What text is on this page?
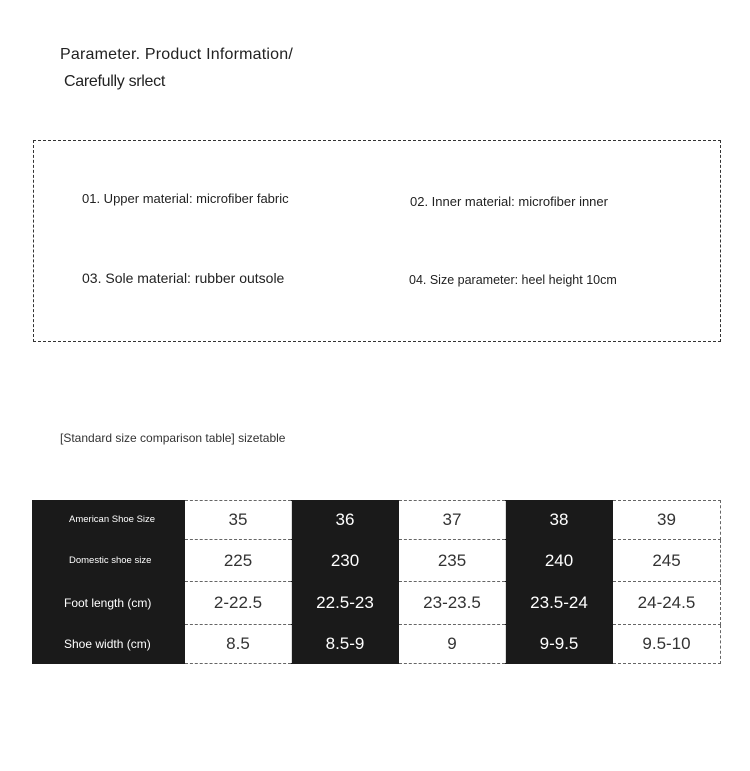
Parameter. Product Information/
Carefully srlect
01. Upper material: microfiber fabric	02. Inner material: microfiber inner
03. Sole material: rubber outsole	04. Size parameter: heel height 10cm
[Standard size comparison table] sizetable
American Shoe Size	35	36	37	38	39
Domestic shoe size	225	230	235	240	245
Foot length (cm)	2-22.5	22.5-23	23-23.5	23.5-24	24-24.5
Shoe width (cm)	8.5	8.5-9	9	9-9.5	9.5-10
